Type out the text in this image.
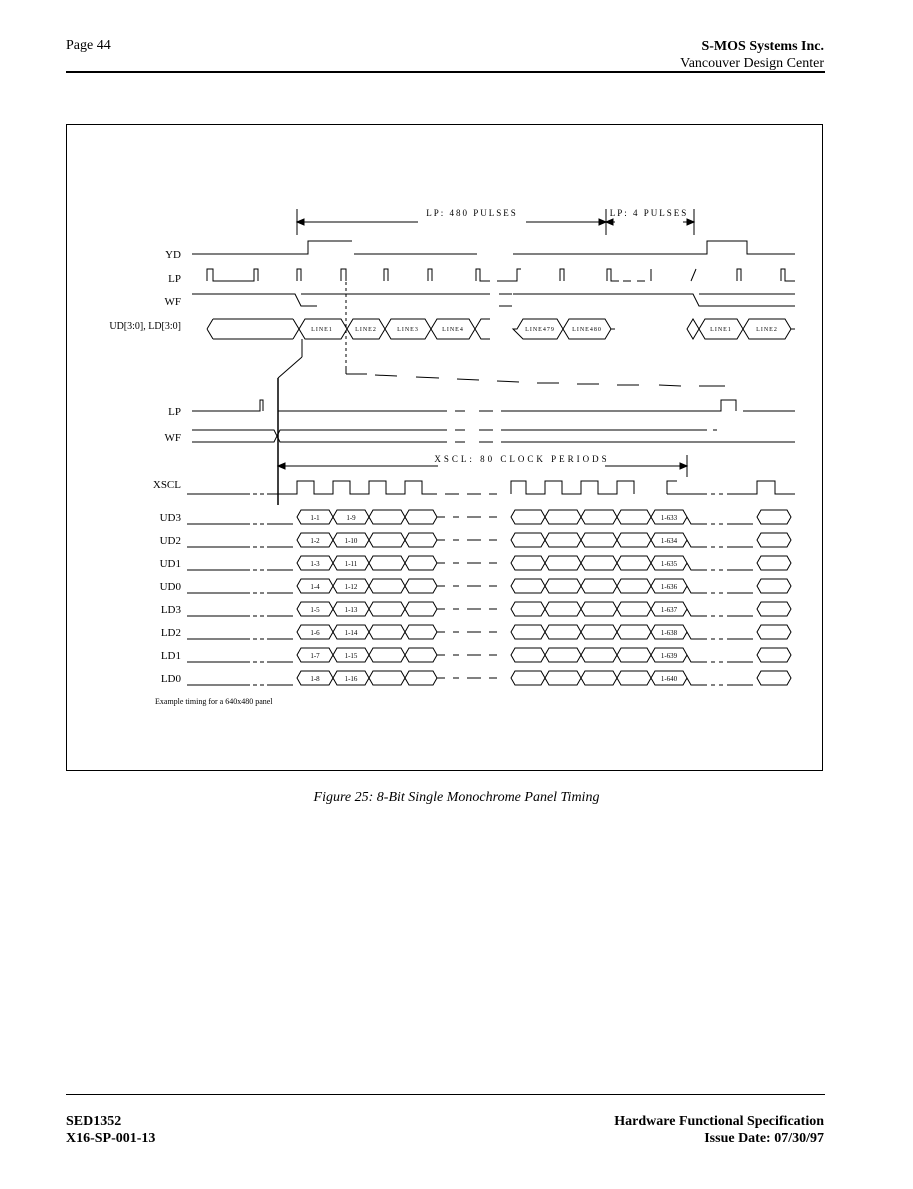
Page 44	S-MOS Systems Inc.
Vancouver Design Center
LP: 480 PULSES	LP: 4 PULSES
YD
LP
WF
UD[3:0], LD[3:0]	LINE1	LINE2	LINE3	LINE4	LINE479	LINE480	LINE1	LINE2
LP
WF
XSCL
XSCL: 80 CLOCK PERIODS
UD3	1-1	1-9	1-633
UD2	1-2	1-10	1-634
UD1	1-3	1-11	1-635
UD0	1-4	1-12	1-636
LD3	1-5	1-13	1-637
LD2	1-6	1-14	1-638
LD1	1-7	1-15	1-639
LD0	1-8	1-16	1-640
Example timing for a 640x480 panel
Figure 25: 8-Bit Single Monochrome Panel Timing
SED1352
X16-SP-001-13
Hardware Functional Specification
Issue Date: 07/30/97
